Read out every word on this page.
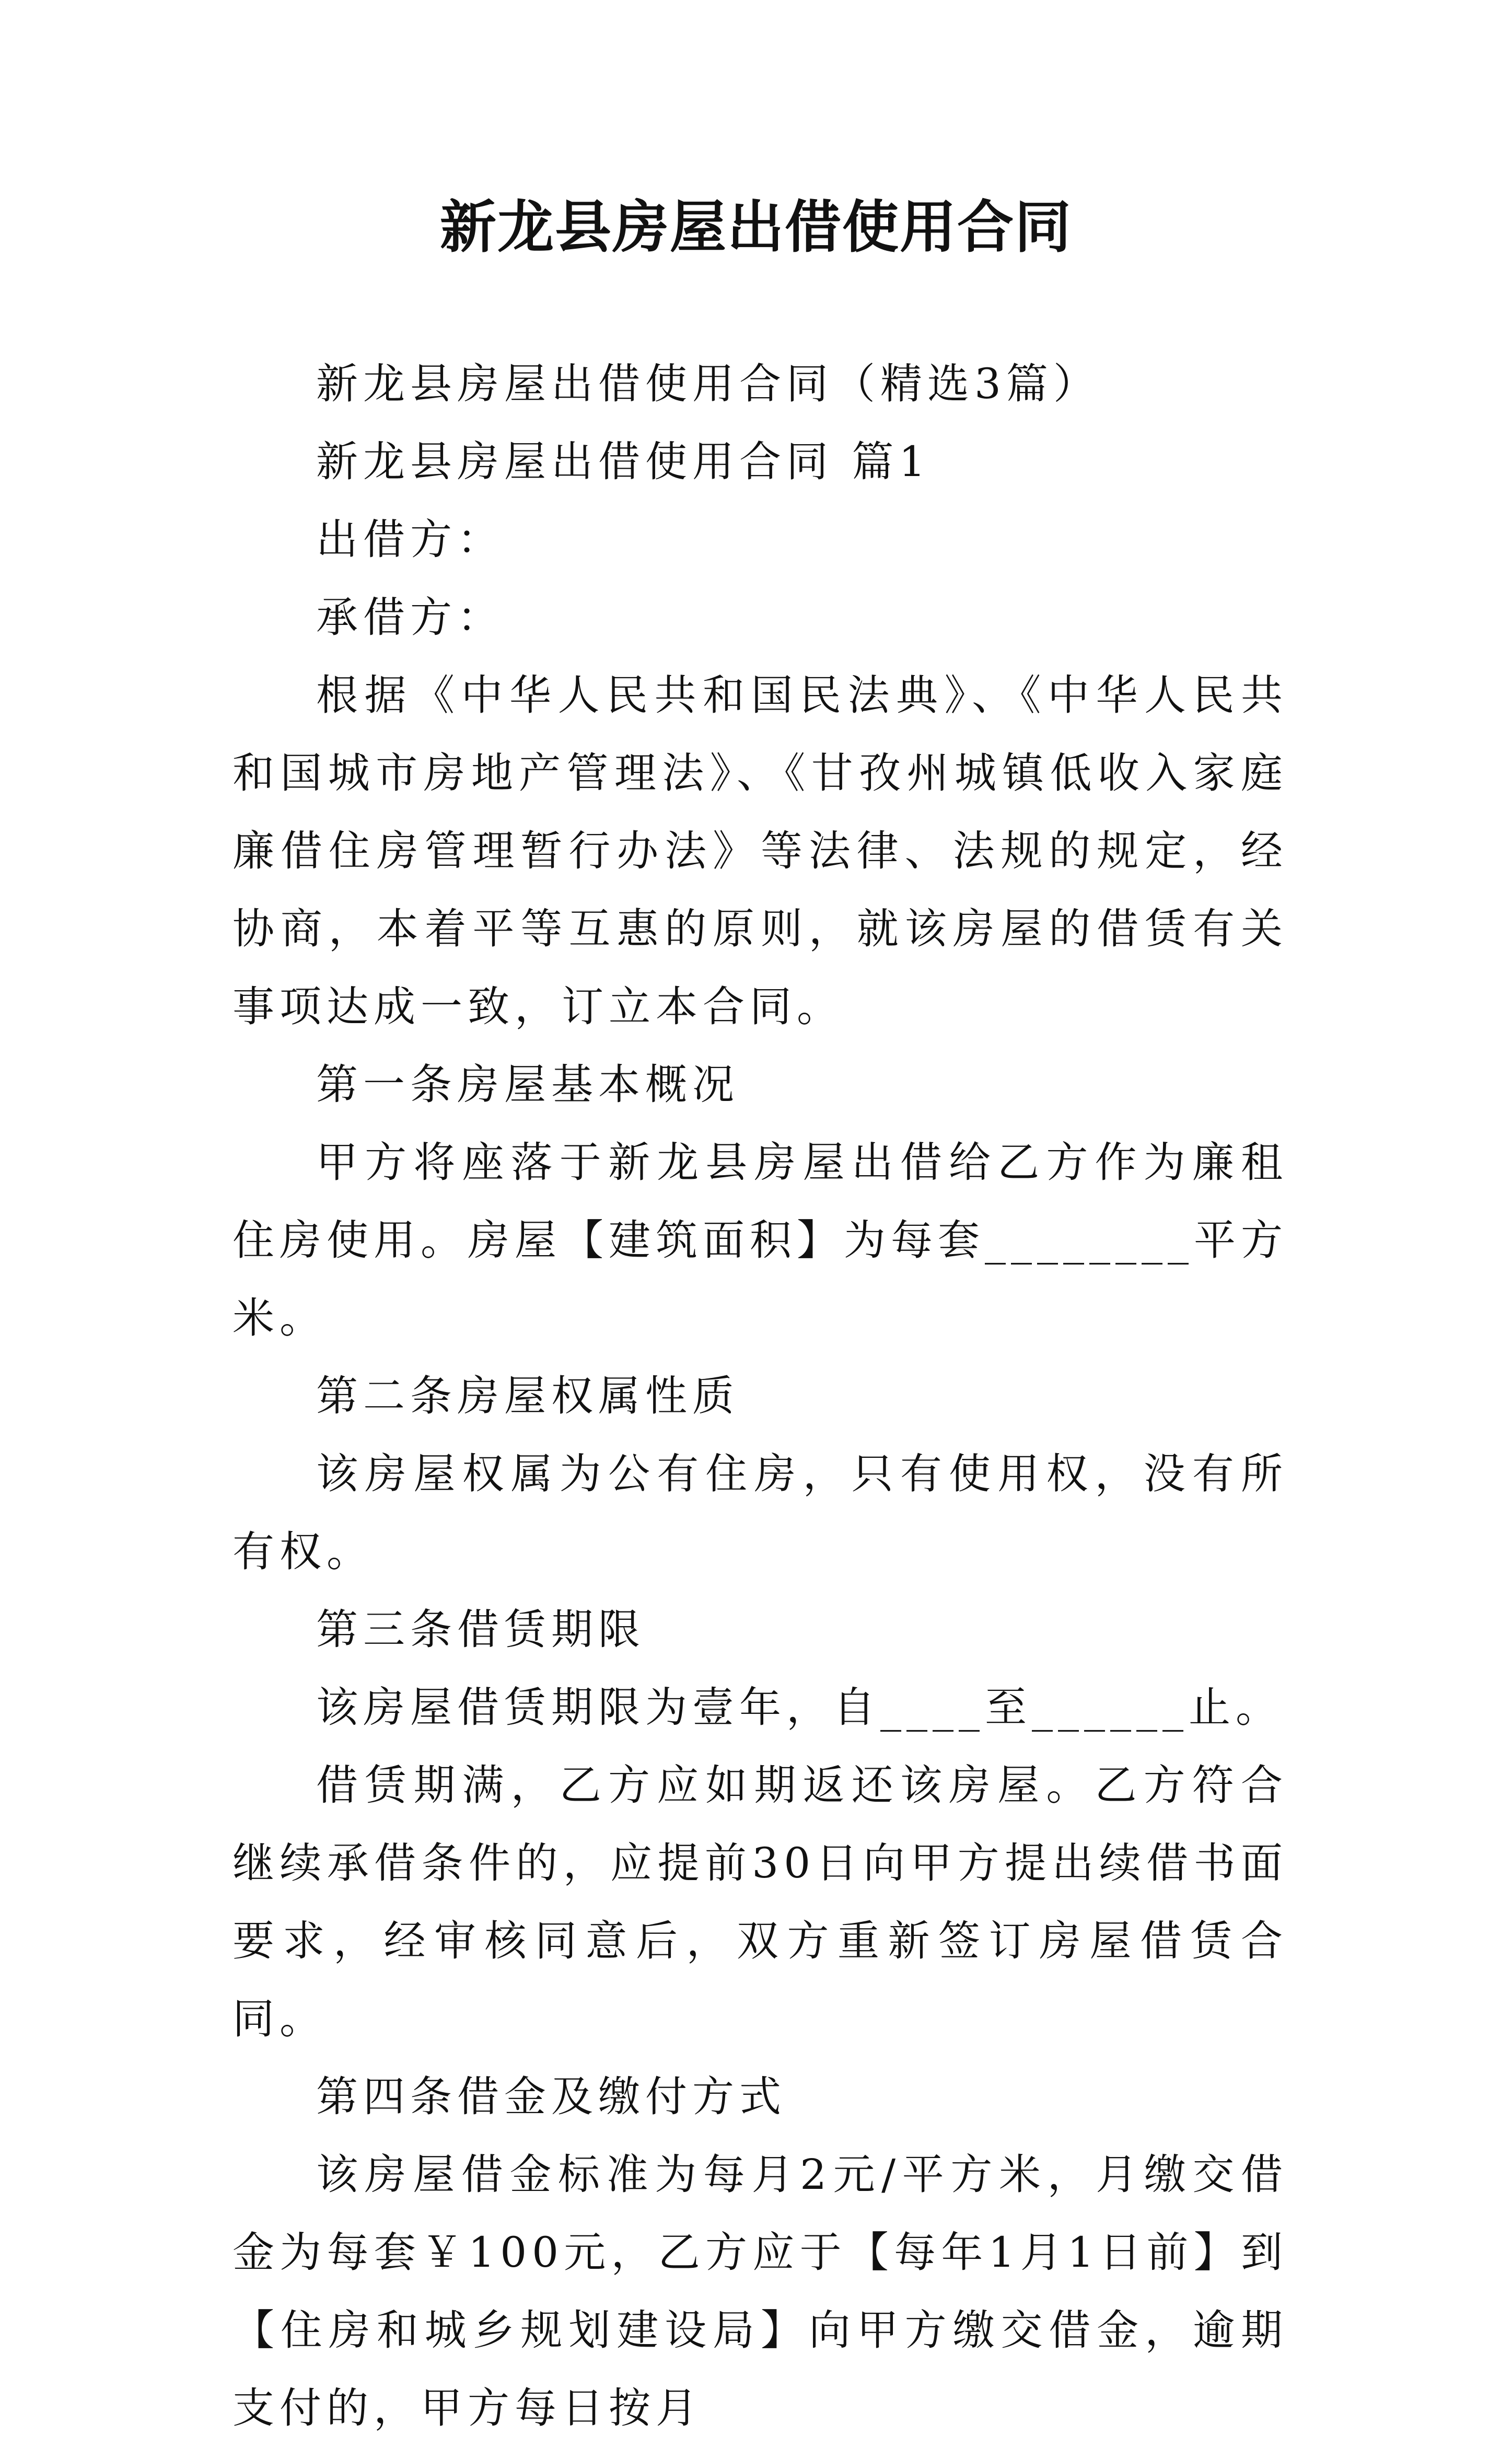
新龙县房屋出借使用合同

新龙县房屋出借使用合同（精选3篇）

新龙县房屋出借使用合同 篇1

出借方：

承借方：

根据《中华人民共和国民法典》、《中华人民共和国城市房地产管理法》、《甘孜州城镇低收入家庭廉借住房管理暂行办法》等法律、法规的规定，经协商，本着平等互惠的原则，就该房屋的借赁有关事项达成一致，订立本合同。

第一条房屋基本概况

甲方将座落于新龙县房屋出借给乙方作为廉租住房使用。房屋【建筑面积】为每套________平方米。

第二条房屋权属性质

该房屋权属为公有住房，只有使用权，没有所有权。

第三条借赁期限

该房屋借赁期限为壹年，自____至______止。

借赁期满，乙方应如期返还该房屋。乙方符合继续承借条件的，应提前30日向甲方提出续借书面要求，经审核同意后，双方重新签订房屋借赁合同。

第四条借金及缴付方式

该房屋借金标准为每月2元/平方米，月缴交借金为每套￥100元，乙方应于【每年1月1日前】到【住房和城乡规划建设局】向甲方缴交借金，逾期支付的，甲方每日按月
